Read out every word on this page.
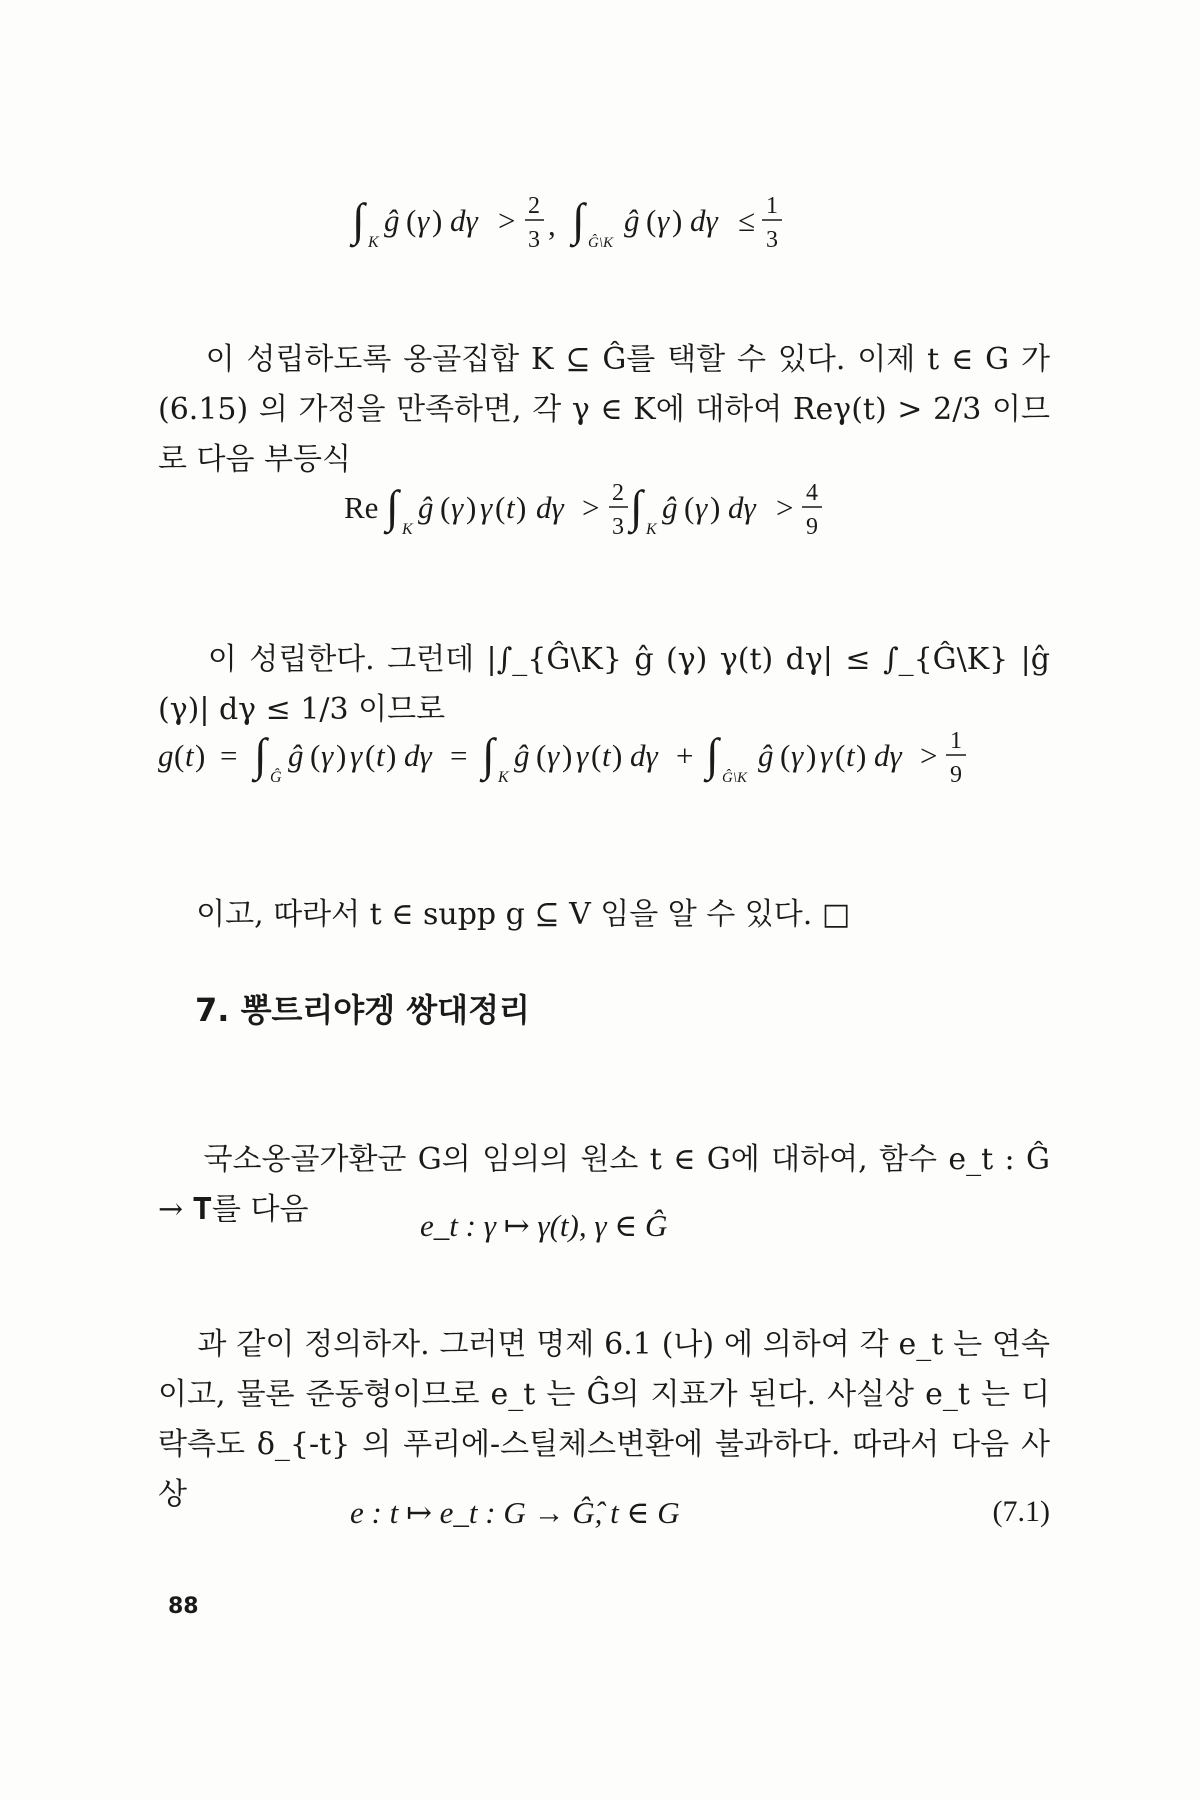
∫ K
ĝ ( γ ) dγ > 2
3 , ∫ Ĝ\K
ĝ ( γ ) dγ ≤ 1
3

이 성립하도록 옹골집합 K ⊆ Ĝ를 택할 수 있다. 이제 t ∈ G 가 (6.15) 의 가정을 만족하면, 각 γ ∈ K에 대하여 Reγ(t) > 2/3 이므로 다음 부등식

Re ∫ K
ĝ ( γ ) γ ( t ) dγ > 2
3 ∫ K
ĝ ( γ ) dγ > 4
9

이 성립한다. 그런데 |∫_{Ĝ\K} ĝ (γ) γ(t) dγ| ≤ ∫_{Ĝ\K} |ĝ (γ)| dγ ≤ 1/3 이므로

g ( t ) = ∫ Ĝ
ĝ ( γ ) γ ( t ) dγ = ∫ K
ĝ ( γ ) γ ( t ) dγ + ∫ Ĝ\K
ĝ ( γ ) γ ( t ) dγ > 1
9

이고, 따라서 t ∈ supp g ⊆ V 임을 알 수 있다. □

7. 뽕트리야겡 쌍대정리

국소옹골가환군 G의 임의의 원소 t ∈ G에 대하여, 함수 e_t : Ĝ → 𝐓를 다음
	e_t : γ ↦ γ(t), γ ∈ Ĝ

과 같이 정의하자. 그러면 명제 6.1 (나) 에 의하여 각 e_t 는 연속이고, 물론 준동형이므로 e_t 는 Ĝ의 지표가 된다. 사실상 e_t 는 디락측도 δ_{-t} 의 푸리에-스틸체스변환에 불과하다. 따라서 다음 사상

e : t ↦ e_t : G → Ĝ̂, t ∈ G	(7.1)
88
